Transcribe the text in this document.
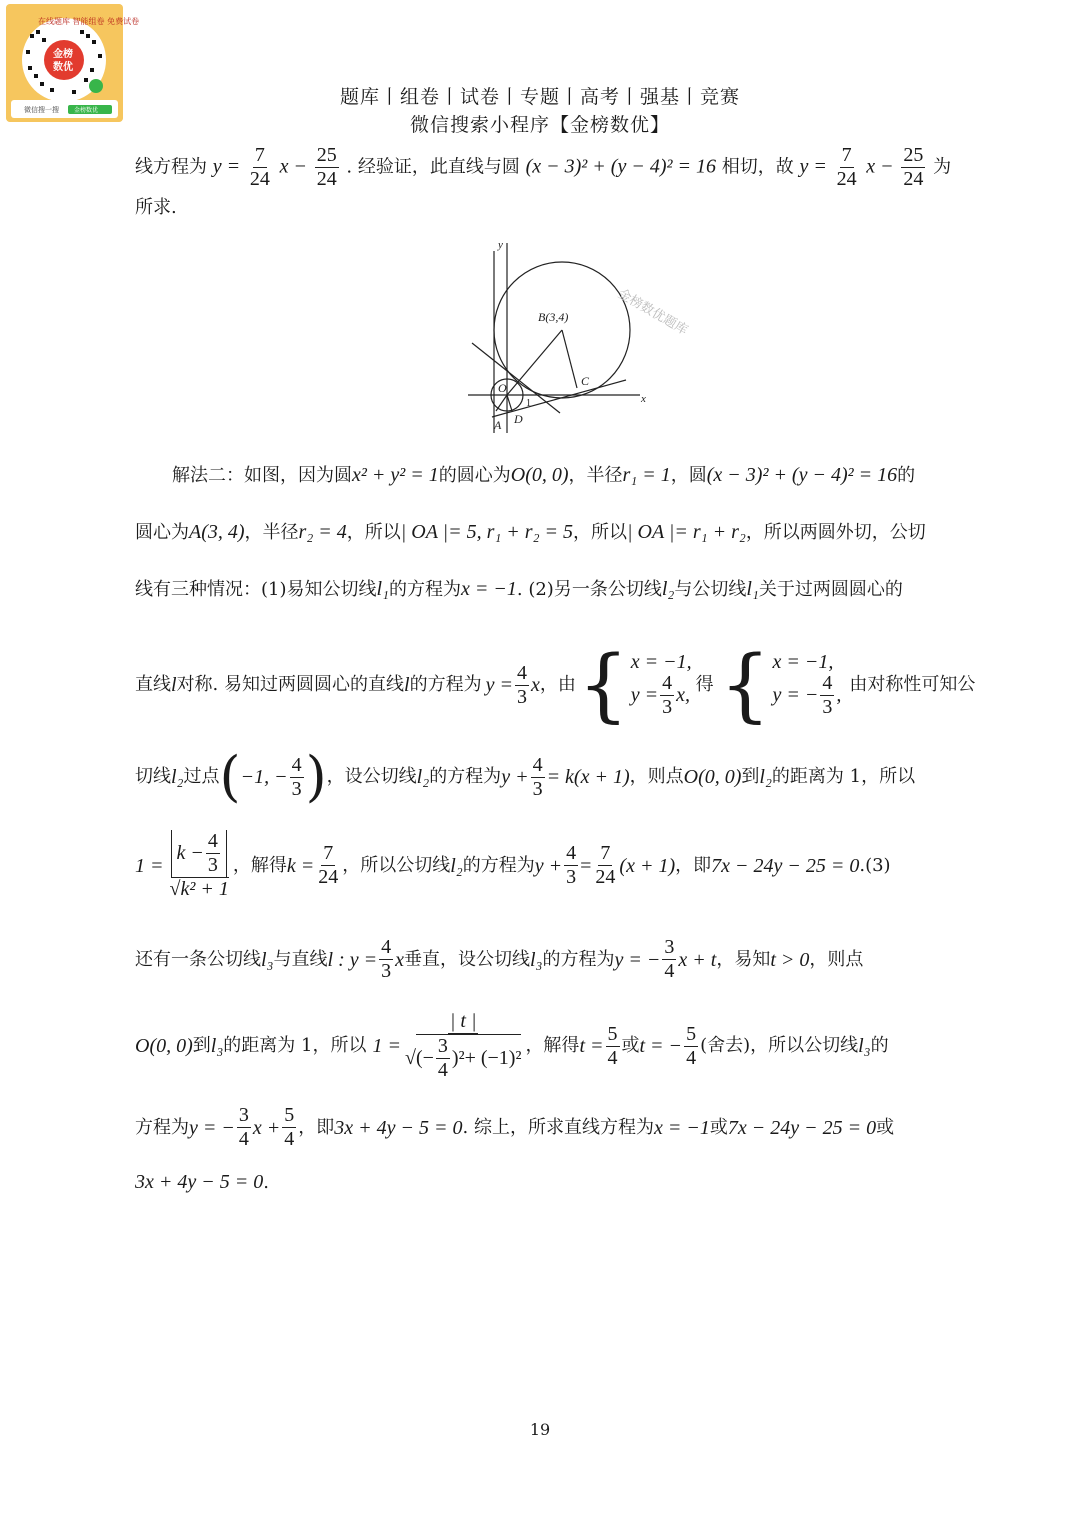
在线题库 智能组卷 免费试卷
金榜
数优
微信搜一搜	金榜数优
题库丨组卷丨试卷丨专题丨高考丨强基丨竞赛
微信搜索小程序【金榜数优】
线方程为 $y = \frac{7}{24}$ $x - \frac{25}{24}$ . 经验证，此直线与圆 (x − 3)² + (y − 4)² = 16 相切，故 $y = \frac{7}{24}$ $x - \frac{25}{24}$ 为
所求.
金榜数优题库
B(3,4)
C
O
A D
x
y
1
解法二：如图，因为圆x² + y² = 1的圆心为O(0, 0)，半径r₁ = 1，圆(x − 3)² + (y − 4)² = 16的
圆心为A(3, 4)，半径r₂ = 4，所以| OA |= 5, r₁ + r₂ = 5，所以| OA |= r₁ + r₂，所以两圆外切，公切
线有三种情况：(1)易知公切线l₁的方程为x = −1. (2)另一条公切线l₂与公切线l₁关于过两圆圆心的
直线 l 对称. 易知过两圆圆心的直线 l 的方程为 $y = \frac{4}{3}$ x ，由 { x = −1,
$y = \frac{4}{3} x$, 得 { x = −1,
y = − $\frac{4}{3}$ , 由对称性可知公
切线 l₂ 过点 ( −1, − $\frac{4}{3}$ ) ，设公切线 l₂ 的方程为 $y + \frac{4}{3} = k(x + 1)$ ，则点 O(0, 0) 到 l₂ 的距离为 1，所以
$1 = \frac{k - \frac{4}{3}}{\text{√k² + 1}}$ ，解得 $k = \frac{7}{24}$ ，所以公切线 l₂ 的方程为 $y + \frac{4}{3} = \frac{7}{24} (x + 1)$ ，即 7x − 24y − 25 = 0 .(3)
还有一条公切线 l₃ 与直线 l : $y = \frac{4}{3}$ x 垂直，设公切线 l₃ 的方程为 y = − $\frac{3}{4}$ x + t ，易知 t > 0 ，则点
O(0, 0) 到 l₃ 的距离为 1，所以 $1 = \frac{| t |}{√ ( - \frac{3}{4} )^2 + (-1)^2}$ ，解得 $t = \frac{5}{4}$ 或 t = − $\frac{5}{4}$ (舍去)，所以公切线 l₃ 的
方程为 y = − $\frac{3}{4}$ $x + \frac{5}{4}$ ，即 3x + 4y − 5 = 0 . 综上，所求直线方程为 x = −1 或 7x − 24y − 25 = 0 或
3x + 4y − 5 = 0.
19
